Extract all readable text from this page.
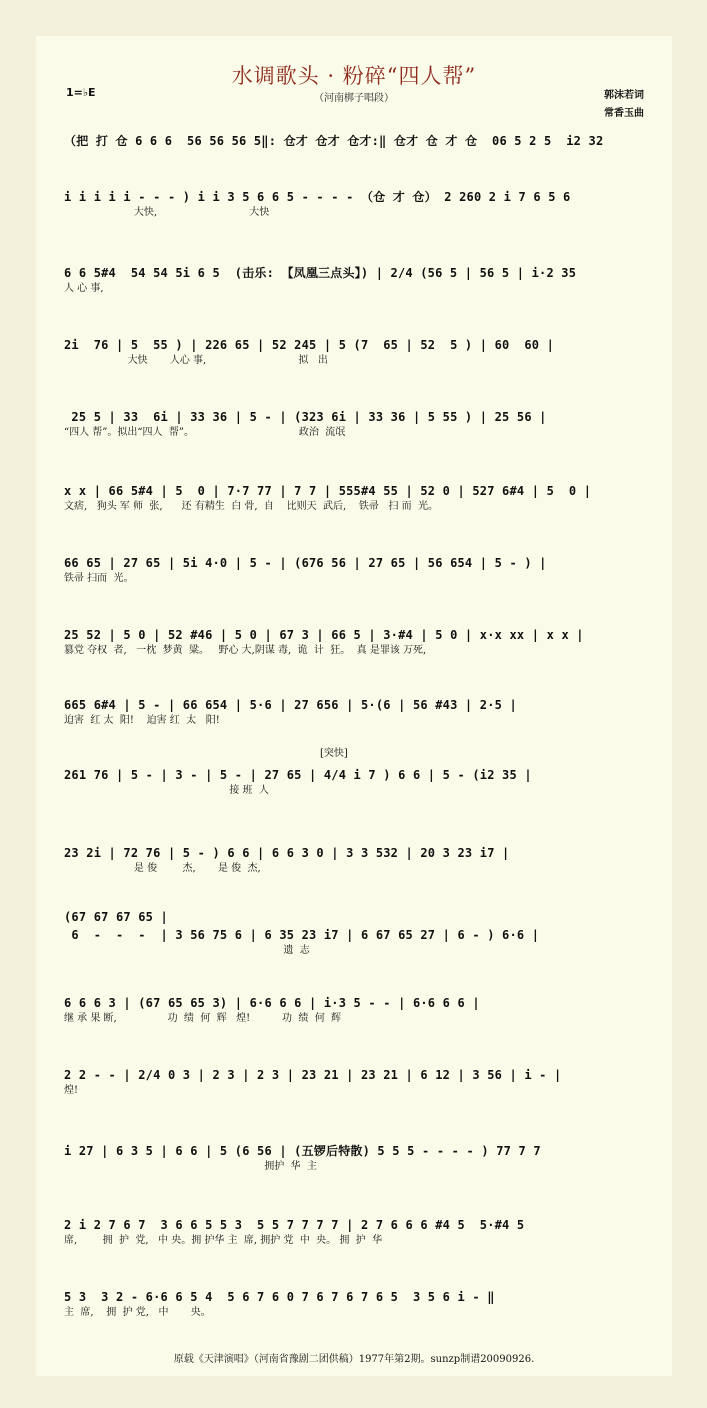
水调歌头 · 粉碎“四人帮”
（河南梆子唱段）
1=♭E	郭沫若词
常香玉曲
（把 打 仓 6 6 6  56 56 56 5‖: 仓才 仓才 仓才:‖ 仓才 仓 才 仓  06 5 2 5  i2 32
i i i i i - - - ) i i 3 5 6 6 5 - - - - （仓 才 仓） 2 260 2 i 7 6 5 6
大快,                             大快
6 6 5#4  54 54 5i 6 5  (击乐: 【凤凰三点头】) | 2/4 (56 5 | 56 5 | i·2 35
人 心 事,
2i  76 | 5  55 ) | 226 65 | 52 245 | 5 (7  65 | 52  5 ) | 60  60 |
大快       人心 事,                             拟   出
25 5 | 33  6i | 33 36 | 5 - | (323 6i | 33 36 | 5 55 ) | 25 56 |
“四人 帮”。拟出“四人  帮”。                                 政治  流氓
x x | 66 5#4 | 5  0 | 7·7 77 | 7 7 | 555#4 55 | 52 0 | 527 6#4 | 5  0 |
文痞,   狗头 军 师  张,      还 有精生  白 骨,  自    比则天  武后,    铁帚   扫 而  光。
66 65 | 27 65 | 5i 4·0 | 5 - | (676 56 | 27 65 | 56 654 | 5 - ) |
铁帚 扫而  光。
25 52 | 5 0 | 52 #46 | 5 0 | 67 3 | 66 5 | 3·#4 | 5 0 | x·x xx | x x |
篡党 夺权  者,   一枕  梦黄  粱。   野心 大,阴谋 毒,  诡  计  狂。  真 是罪该 万死,
665 6#4 | 5 - | 66 654 | 5·6 | 27 656 | 5·(6 | 56 #43 | 2·5 |
迫害  红 太  阳!    迫害 红  太   阳!
261 76 | 5 - | 3 - | 5 - | 27 65 | 4/4 i 7 ) 6 6 | 5 - (i2 35 |
接 班  人
23 2i | 72 76 | 5 - ) 6 6 | 6 6 3 0 | 3 3 532 | 20 3 23 i7 |
是 俊        杰,       是 俊  杰,
(67 67 67 65 |
6  -  -  -  | 3 56 75 6 | 6 35 23 i7 | 6 67 65 27 | 6 - ) 6·6 |
遗  志
6 6 6 3 | (67 65 65 3) | 6·6 6 6 | i·3 5 - - | 6·6 6 6 |
继 承 果 断,                功  绩  何  辉   煌!          功  绩  何  辉
2 2 - - | 2/4 0 3 | 2 3 | 2 3 | 23 21 | 23 21 | 6 12 | 3 56 | i - |
煌!
i 27 | 6 3 5 | 6 6 | 5 (6 56 | (五锣后特散) 5 5 5 - - - - ) 77 7 7
拥护  华  主
2 i 2 7 6 7  3 6 6 5 5 3  5 5 7 7 7 7 | 2 7 6 6 6 #4 5  5·#4 5
席,        拥  护  党,   中 央。拥 护华 主  席, 拥护 党  中  央。 拥  护  华
5 3  3 2 - 6·6 6 5 4  5 6 7 6 0 7 6 7 6 7 6 5  3 5 6 i - ‖
主  席,    拥  护 党,   中       央。
[突快]
原载《天津演唱》（河南省豫剧二团供稿）1977年第2期。sunzp制谱20090926.
